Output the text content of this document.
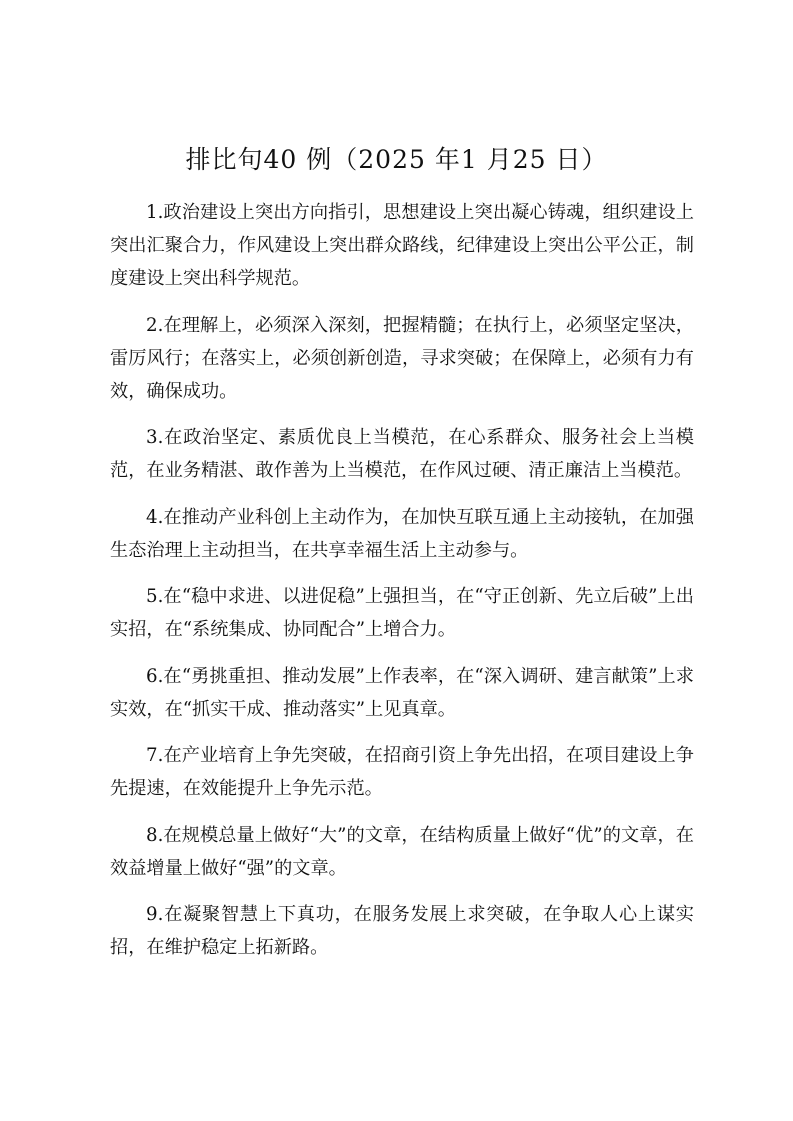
排比句40 例（2025 年1 月25 日）

1.政治建设上突出方向指引，思想建设上突出凝心铸魂，组织建设上突出汇聚合力，作风建设上突出群众路线，纪律建设上突出公平公正，制度建设上突出科学规范。

2.在理解上，必须深入深刻，把握精髓；在执行上，必须坚定坚决，雷厉风行；在落实上，必须创新创造，寻求突破；在保障上，必须有力有效，确保成功。

3.在政治坚定、素质优良上当模范，在心系群众、服务社会上当模范，在业务精湛、敢作善为上当模范，在作风过硬、清正廉洁上当模范。

4.在推动产业科创上主动作为，在加快互联互通上主动接轨，在加强生态治理上主动担当，在共享幸福生活上主动参与。

5.在“稳中求进、以进促稳”上强担当，在“守正创新、先立后破”上出实招，在“系统集成、协同配合”上增合力。

6.在“勇挑重担、推动发展”上作表率，在“深入调研、建言献策”上求实效，在“抓实干成、推动落实”上见真章。

7.在产业培育上争先突破，在招商引资上争先出招，在项目建设上争先提速，在效能提升上争先示范。

8.在规模总量上做好“大”的文章，在结构质量上做好“优”的文章，在效益增量上做好“强”的文章。

9.在凝聚智慧上下真功，在服务发展上求突破，在争取人心上谋实招，在维护稳定上拓新路。
